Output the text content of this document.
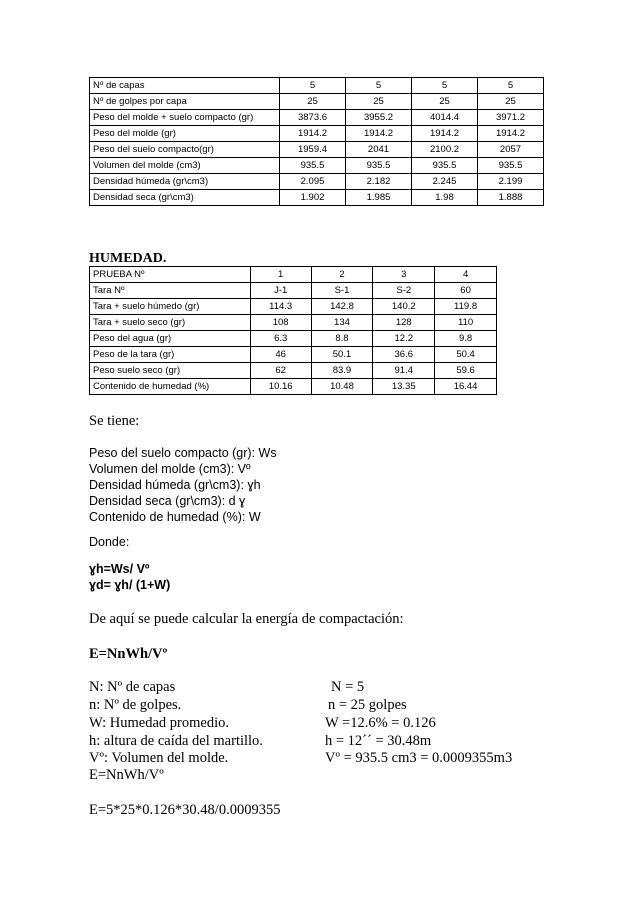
Nº de capas	5	5	5	5
Nº de golpes por capa	25	25	25	25
Peso del molde + suelo compacto (gr)	3873.6	3955.2	4014.4	3971.2
Peso del molde (gr)	1914.2	1914.2	1914.2	1914.2
Peso del suelo compacto(gr)	1959.4	2041	2100.2	2057
Volumen del molde (cm3)	935.5	935.5	935.5	935.5
Densidad húmeda (gr\cm3)	2.095	2.182	2.245	2.199
Densidad seca (gr\cm3)	1.902	1.985	1.98	1.888
HUMEDAD.
PRUEBA Nº	1	2	3	4
Tara Nº	J-1	S-1	S-2	60
Tara + suelo húmedo (gr)	114.3	142.8	140.2	119.8
Tara + suelo seco (gr)	108	134	128	110
Peso del agua (gr)	6.3	8.8	12.2	9.8
Peso de la tara (gr)	46	50.1	36.6	50.4
Peso suelo seco (gr)	62	83.9	91.4	59.6
Contenido de humedad (%)	10.16	10.48	13.35	16.44
Se tiene:
Peso del suelo compacto (gr): Ws
Volumen del molde (cm3): Vº
Densidad húmeda (gr\cm3): ɣh
Densidad seca (gr\cm3): d ɣ
Contenido de humedad (%): W
Donde:
ɣh=Ws/ Vº
ɣd= ɣh/ (1+W)
De aquí se puede calcular la energía de compactación:
E=NnWh/Vº
N: Nº de capas	N = 5
n: Nº de golpes.	n = 25 golpes
W: Humedad promedio.	W =12.6% = 0.126
h: altura de caída del martillo.	h = 12´´ = 30.48m
Vº: Volumen del molde.	Vº = 935.5 cm3 = 0.0009355m3
E=NnWh/Vº
E=5*25*0.126*30.48/0.0009355
